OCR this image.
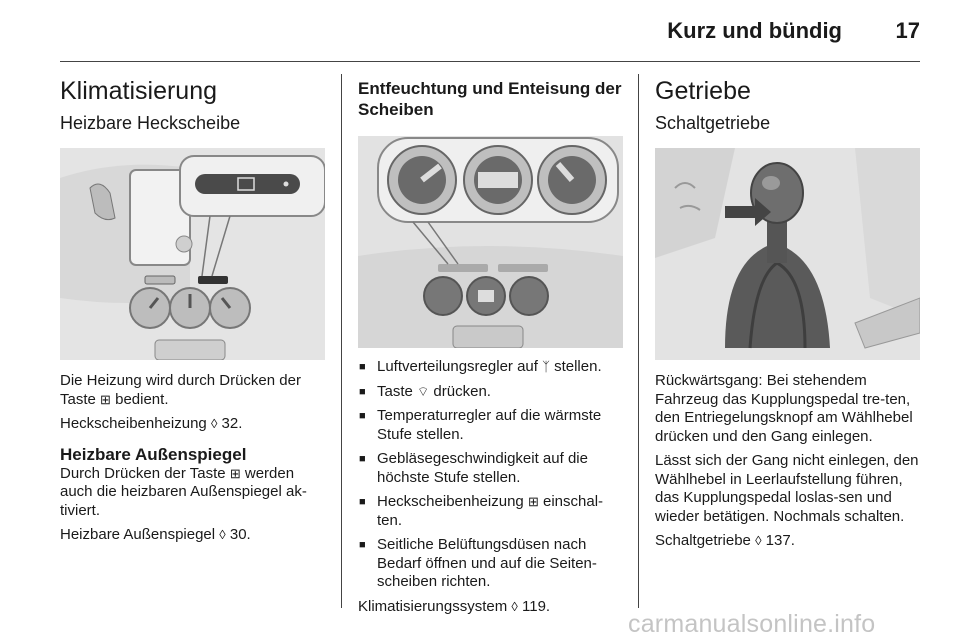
Kurz und bündig 17
Klimatisierung
Heizbare Heckscheibe
Die Heizung wird durch Drücken der Taste ⊞ bedient.
Heckscheibenheizung ◊ 32.
Heizbare Außenspiegel
Durch Drücken der Taste ⊞ werden auch die heizbaren Außenspiegel ak-tiviert.
Heizbare Außenspiegel ◊ 30.
Entfeuchtung und Enteisung der Scheiben
■ Luftverteilungsregler auf ᛉ stellen.
■ Taste ⌔ drücken.
■ Temperaturregler auf die wärmste Stufe stellen.
■ Gebläsegeschwindigkeit auf die höchste Stufe stellen.
■ Heckscheibenheizung ⊞ einschal-ten.
■ Seitliche Belüftungsdüsen nach Bedarf öffnen und auf die Seiten-scheiben richten.
Klimatisierungssystem ◊ 119.
Getriebe
Schaltgetriebe
Rückwärtsgang: Bei stehendem Fahrzeug das Kupplungspedal tre-ten, den Entriegelungsknopf am Wählhebel drücken und den Gang einlegen.
Lässt sich der Gang nicht einlegen, den Wählhebel in Leerlaufstellung führen, das Kupplungspedal loslas-sen und wieder betätigen. Nochmals schalten.
Schaltgetriebe ◊ 137.
carmanualsonline.info
